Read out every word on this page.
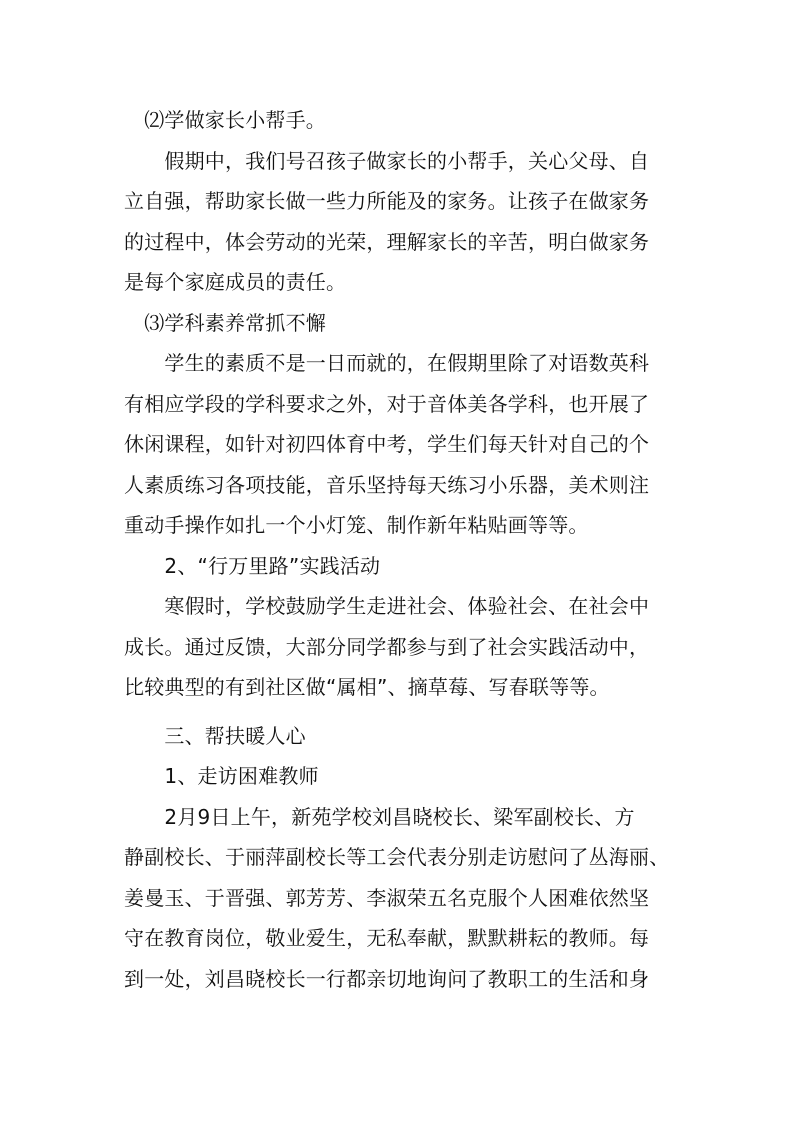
　⑵学做家长小帮手。
　　假期中，我们号召孩子做家长的小帮手，关心父母、自
立自强，帮助家长做一些力所能及的家务。让孩子在做家务
的过程中，体会劳动的光荣，理解家长的辛苦，明白做家务
是每个家庭成员的责任。
　⑶学科素养常抓不懈
　　学生的素质不是一日而就的，在假期里除了对语数英科
有相应学段的学科要求之外，对于音体美各学科，也开展了
休闲课程，如针对初四体育中考，学生们每天针对自己的个
人素质练习各项技能，音乐坚持每天练习小乐器，美术则注
重动手操作如扎一个小灯笼、制作新年粘贴画等等。
　　2、“行万里路”实践活动
　　寒假时，学校鼓励学生走进社会、体验社会、在社会中
成长。通过反馈，大部分同学都参与到了社会实践活动中，
比较典型的有到社区做“属相”、摘草莓、写春联等等。
　　三、帮扶暖人心
　　1、走访困难教师
　　2月9日上午，新苑学校刘昌晓校长、梁军副校长、方
静副校长、于丽萍副校长等工会代表分别走访慰问了丛海丽、
姜曼玉、于晋强、郭芳芳、李淑荣五名克服个人困难依然坚
守在教育岗位，敬业爱生，无私奉献，默默耕耘的教师。每
到一处，刘昌晓校长一行都亲切地询问了教职工的生活和身
